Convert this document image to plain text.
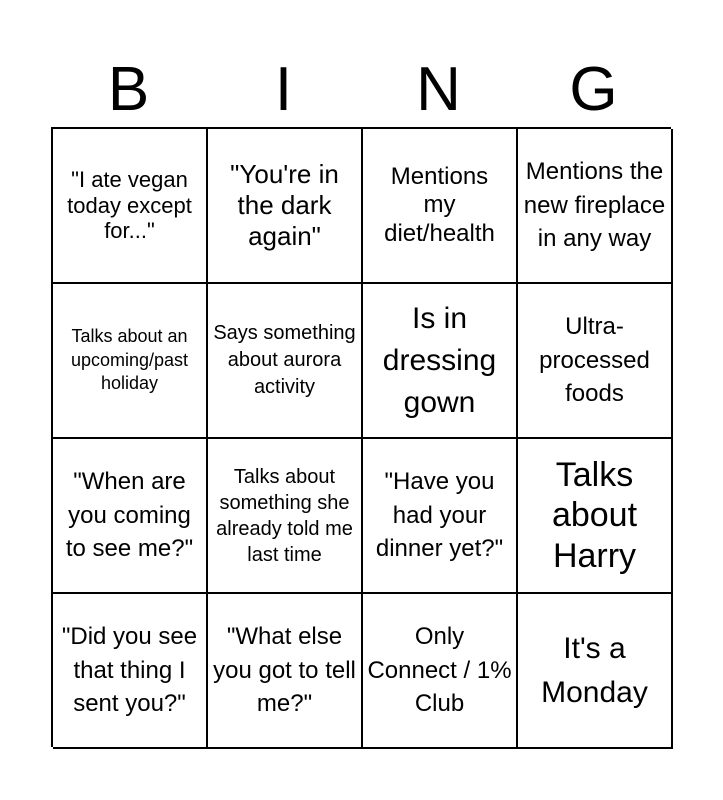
B	I	N	G
"I ate vegan today except for..."
"You're in the dark again"
Mentions my diet/health
Mentions the new fireplace in any way
Talks about an upcoming/past holiday
Says something about aurora activity
Is in dressing gown
Ultra-processed foods
"When are you coming to see me?"
Talks about something she already told me last time
"Have you had your dinner yet?"
Talks about Harry
"Did you see that thing I sent you?"
"What else you got to tell me?"
Only Connect / 1% Club
It's a Monday
